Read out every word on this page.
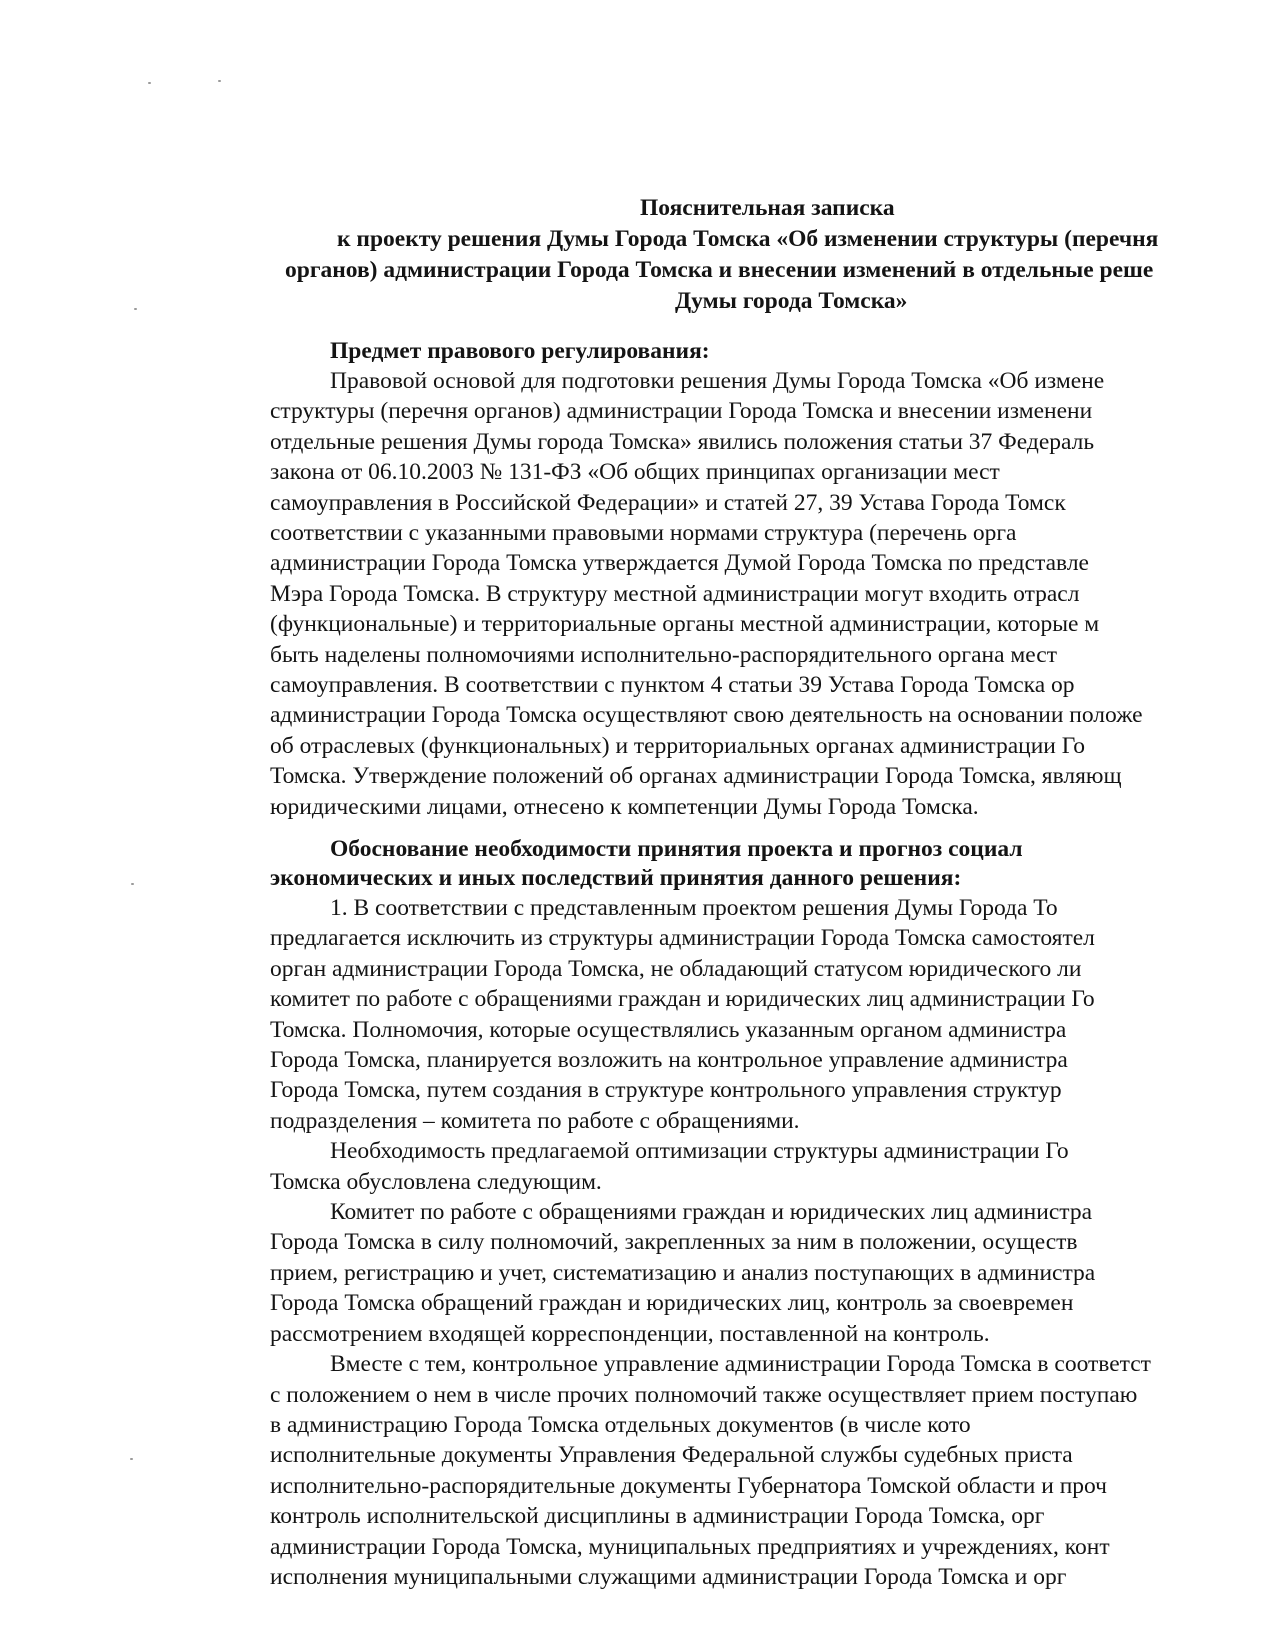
Пояснительная записка
к проекту решения Думы Города Томска «Об изменении структуры (перечня
органов) администрации Города Томска и внесении изменений в отдельные реше
Думы города Томска»
Предмет правового регулирования:
Правовой основой для подготовки решения Думы Города Томска «Об измене
структуры (перечня органов) администрации Города Томска и внесении изменени
отдельные решения Думы города Томска» явились положения статьи 37 Федераль
закона от 06.10.2003 № 131-ФЗ «Об общих принципах организации мест
самоуправления в Российской Федерации» и статей 27, 39 Устава Города Томск
соответствии с указанными правовыми нормами структура (перечень орга
администрации Города Томска утверждается Думой Города Томска по представле
Мэра Города Томска. В структуру местной администрации могут входить отрасл
(функциональные) и территориальные органы местной администрации, которые м
быть наделены полномочиями исполнительно-распорядительного органа мест
самоуправления. В соответствии с пунктом 4 статьи 39 Устава Города Томска ор
администрации Города Томска осуществляют свою деятельность на основании положе
об отраслевых (функциональных) и территориальных органах администрации Го
Томска. Утверждение положений об органах администрации Города Томска, являющ
юридическими лицами, отнесено к компетенции Думы Города Томска.
Обоснование необходимости принятия проекта и прогноз социал
экономических и иных последствий принятия данного решения:
1. В соответствии с представленным проектом решения Думы Города То
предлагается исключить из структуры администрации Города Томска самостоятел
орган администрации Города Томска, не обладающий статусом юридического ли
комитет по работе с обращениями граждан и юридических лиц администрации Го
Томска. Полномочия, которые осуществлялись указанным органом администра
Города Томска, планируется возложить на контрольное управление администра
Города Томска, путем создания в структуре контрольного управления структур
подразделения – комитета по работе с обращениями.
Необходимость предлагаемой оптимизации структуры администрации Го
Томска обусловлена следующим.
Комитет по работе с обращениями граждан и юридических лиц администра
Города Томска в силу полномочий, закрепленных за ним в положении, осуществ
прием, регистрацию и учет, систематизацию и анализ поступающих в администра
Города Томска обращений граждан и юридических лиц, контроль за своевремен
рассмотрением входящей корреспонденции, поставленной на контроль.
Вместе с тем, контрольное управление администрации Города Томска в соответст
с положением о нем в числе прочих полномочий также осуществляет прием поступаю
в администрацию Города Томска отдельных документов (в числе кото
исполнительные документы Управления Федеральной службы судебных приста
исполнительно-распорядительные документы Губернатора Томской области и проч
контроль исполнительской дисциплины в администрации Города Томска, орг
администрации Города Томска, муниципальных предприятиях и учреждениях, конт
исполнения муниципальными служащими администрации Города Томска и орг
